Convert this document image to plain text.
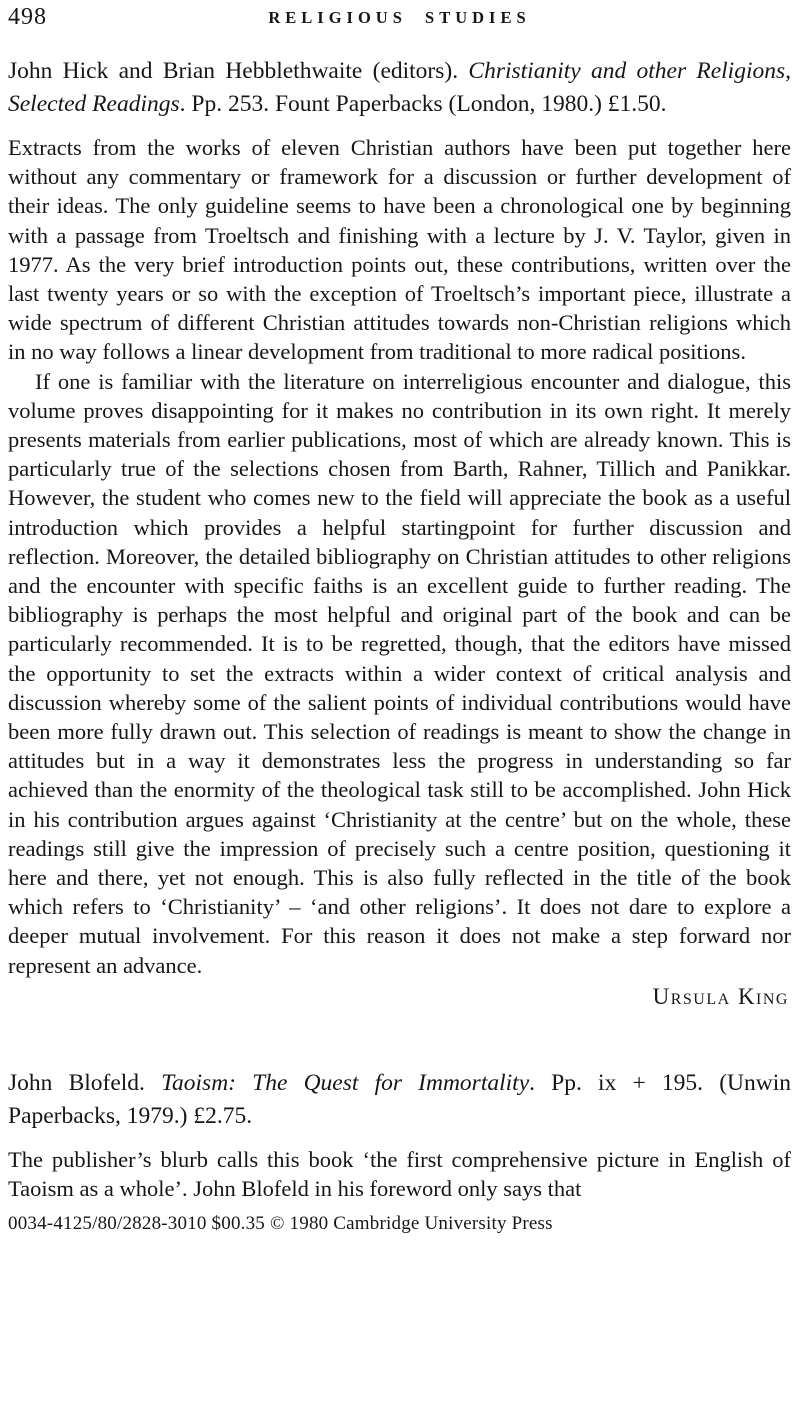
498	RELIGIOUS STUDIES

John Hick and Brian Hebblethwaite (editors). Christianity and other Religions, Selected Readings. Pp. 253. Fount Paperbacks (London, 1980.) £1.50.

Extracts from the works of eleven Christian authors have been put together here without any commentary or framework for a discussion or further development of their ideas. The only guideline seems to have been a chronological one by beginning with a passage from Troeltsch and finishing with a lecture by J. V. Taylor, given in 1977. As the very brief introduction points out, these contributions, written over the last twenty years or so with the exception of Troeltsch’s important piece, illustrate a wide spectrum of different Christian attitudes towards non-Christian religions which in no way follows a linear development from traditional to more radical positions.

If one is familiar with the literature on interreligious encounter and dialogue, this volume proves disappointing for it makes no contribution in its own right. It merely presents materials from earlier publications, most of which are already known. This is particularly true of the selections chosen from Barth, Rahner, Tillich and Panikkar. However, the student who comes new to the field will appreciate the book as a useful introduction which provides a helpful startingpoint for further discussion and reflection. Moreover, the detailed bibliography on Christian attitudes to other religions and the encounter with specific faiths is an excellent guide to further reading. The bibliography is perhaps the most helpful and original part of the book and can be particularly recommended. It is to be regretted, though, that the editors have missed the opportunity to set the extracts within a wider context of critical analysis and discussion whereby some of the salient points of individual contributions would have been more fully drawn out. This selection of readings is meant to show the change in attitudes but in a way it demonstrates less the progress in understanding so far achieved than the enormity of the theological task still to be accomplished. John Hick in his contribution argues against ‘Christianity at the centre’ but on the whole, these readings still give the impression of precisely such a centre position, questioning it here and there, yet not enough. This is also fully reflected in the title of the book which refers to ‘Christianity’ – ‘and other religions’. It does not dare to explore a deeper mutual involvement. For this reason it does not make a step forward nor represent an advance.

Ursula King

John Blofeld. Taoism: The Quest for Immortality. Pp. ix + 195. (Unwin Paperbacks, 1979.) £2.75.

The publisher’s blurb calls this book ‘the first comprehensive picture in English of Taoism as a whole’. John Blofeld in his foreword only says that

0034-4125/80/2828-3010 $00.35 © 1980 Cambridge University Press
